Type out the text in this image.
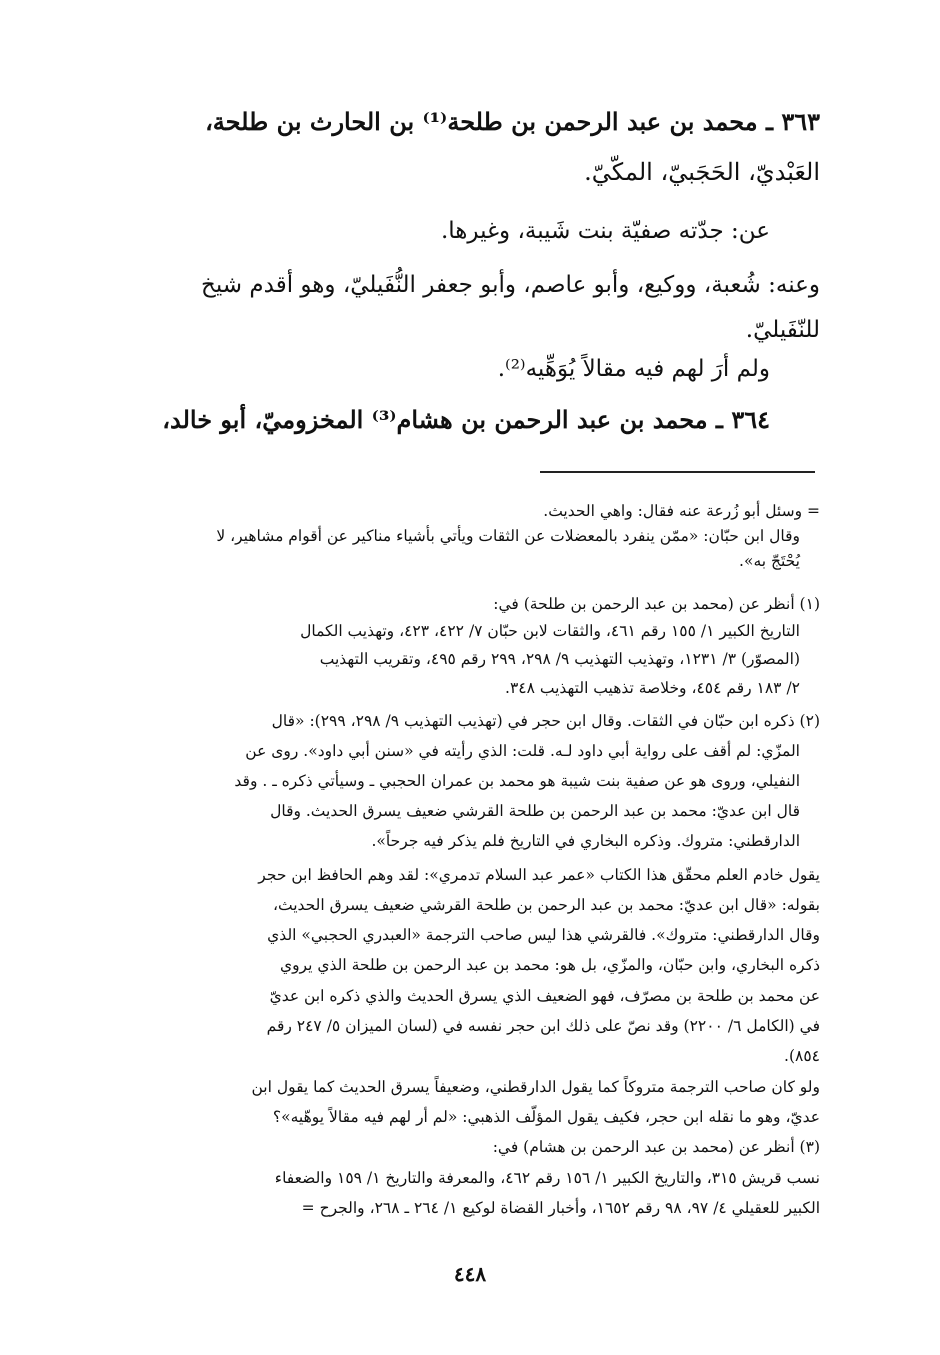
٣٦٣ ـ محمد بن عبد الرحمن بن طلحة⁽¹⁾ بن الحارث بن طلحة،
العَبْديّ، الحَجَبيّ، المكّيّ.
عن: جدّته صفيّة بنت شَيبة، وغيرها.
وعنه: شُعبة، ووكيع، وأبو عاصم، وأبو جعفر النُّفَيليّ، وهو أقدم شيخ
للنّفَيليّ.
ولم أرَ لهم فيه مقالاً يُوَهِّيه⁽²⁾.
٣٦٤ ـ محمد بن عبد الرحمن بن هشام⁽³⁾ المخزوميّ، أبو خالد،
= وسئل أبو زُرعة عنه فقال: واهي الحديث.
وقال ابن حبّان: «ممّن ينفرد بالمعضلات عن الثقات ويأتي بأشياء مناكير عن أقوام مشاهير، لا
يُحْتَجّ به».
(١) أنظر عن (محمد بن عبد الرحمن بن طلحة) في:
التاريخ الكبير ١/ ١٥٥ رقم ٤٦١، والثقات لابن حبّان ٧/ ٤٢٢، ٤٢٣، وتهذيب الكمال
(المصوّر) ٣/ ١٢٣١، وتهذيب التهذيب ٩/ ٢٩٨، ٢٩٩ رقم ٤٩٥، وتقريب التهذيب
٢/ ١٨٣ رقم ٤٥٤، وخلاصة تذهيب التهذيب ٣٤٨.
(٢) ذكره ابن حبّان في الثقات. وقال ابن حجر في (تهذيب التهذيب ٩/ ٢٩٨، ٢٩٩): «قال
المزّي: لم أقف على رواية أبي داود لـه. قلت: الذي رأيته في «سنن أبي داود». روى عن
النفيلي، وروى هو عن صفية بنت شيبة هو محمد بن عمران الحجبي ـ وسيأتي ذكره ـ . وقد
قال ابن عديّ: محمد بن عبد الرحمن بن طلحة القرشي ضعيف يسرق الحديث. وقال
الدارقطني: متروك. وذكره البخاري في التاريخ فلم يذكر فيه جرحاً».
يقول خادم العلم محقّق هذا الكتاب «عمر عبد السلام تدمري»: لقد وهم الحافظ ابن حجر
بقوله: «قال ابن عديّ: محمد بن عبد الرحمن بن طلحة القرشي ضعيف يسرق الحديث،
وقال الدارقطني: متروك». فالقرشي هذا ليس صاحب الترجمة «العبدري الحجبي» الذي
ذكره البخاري، وابن حبّان، والمزّي، بل هو: محمد بن عبد الرحمن بن طلحة الذي يروي
عن محمد بن طلحة بن مصرّف، فهو الضعيف الذي يسرق الحديث والذي ذكره ابن عديّ
في (الكامل ٦/ ٢٢٠٠) وقد نصّ على ذلك ابن حجر نفسه في (لسان الميزان ٥/ ٢٤٧ رقم
٨٥٤).
ولو كان صاحب الترجمة متروكاً كما يقول الدارقطني، وضعيفاً يسرق الحديث كما يقول ابن
عديّ، وهو ما نقله ابن حجر، فكيف يقول المؤلّف الذهبي: «لم أر لهم فيه مقالاً يوهّيه»؟
(٣) أنظر عن (محمد بن عبد الرحمن بن هشام) في:
نسب قريش ٣١٥، والتاريخ الكبير ١/ ١٥٦ رقم ٤٦٢، والمعرفة والتاريخ ١/ ١٥٩ والضعفاء
الكبير للعقيلي ٤/ ٩٧، ٩٨ رقم ١٦٥٢، وأخبار القضاة لوكيع ١/ ٢٦٤ ـ ٢٦٨، والجرح =
٤٤٨
